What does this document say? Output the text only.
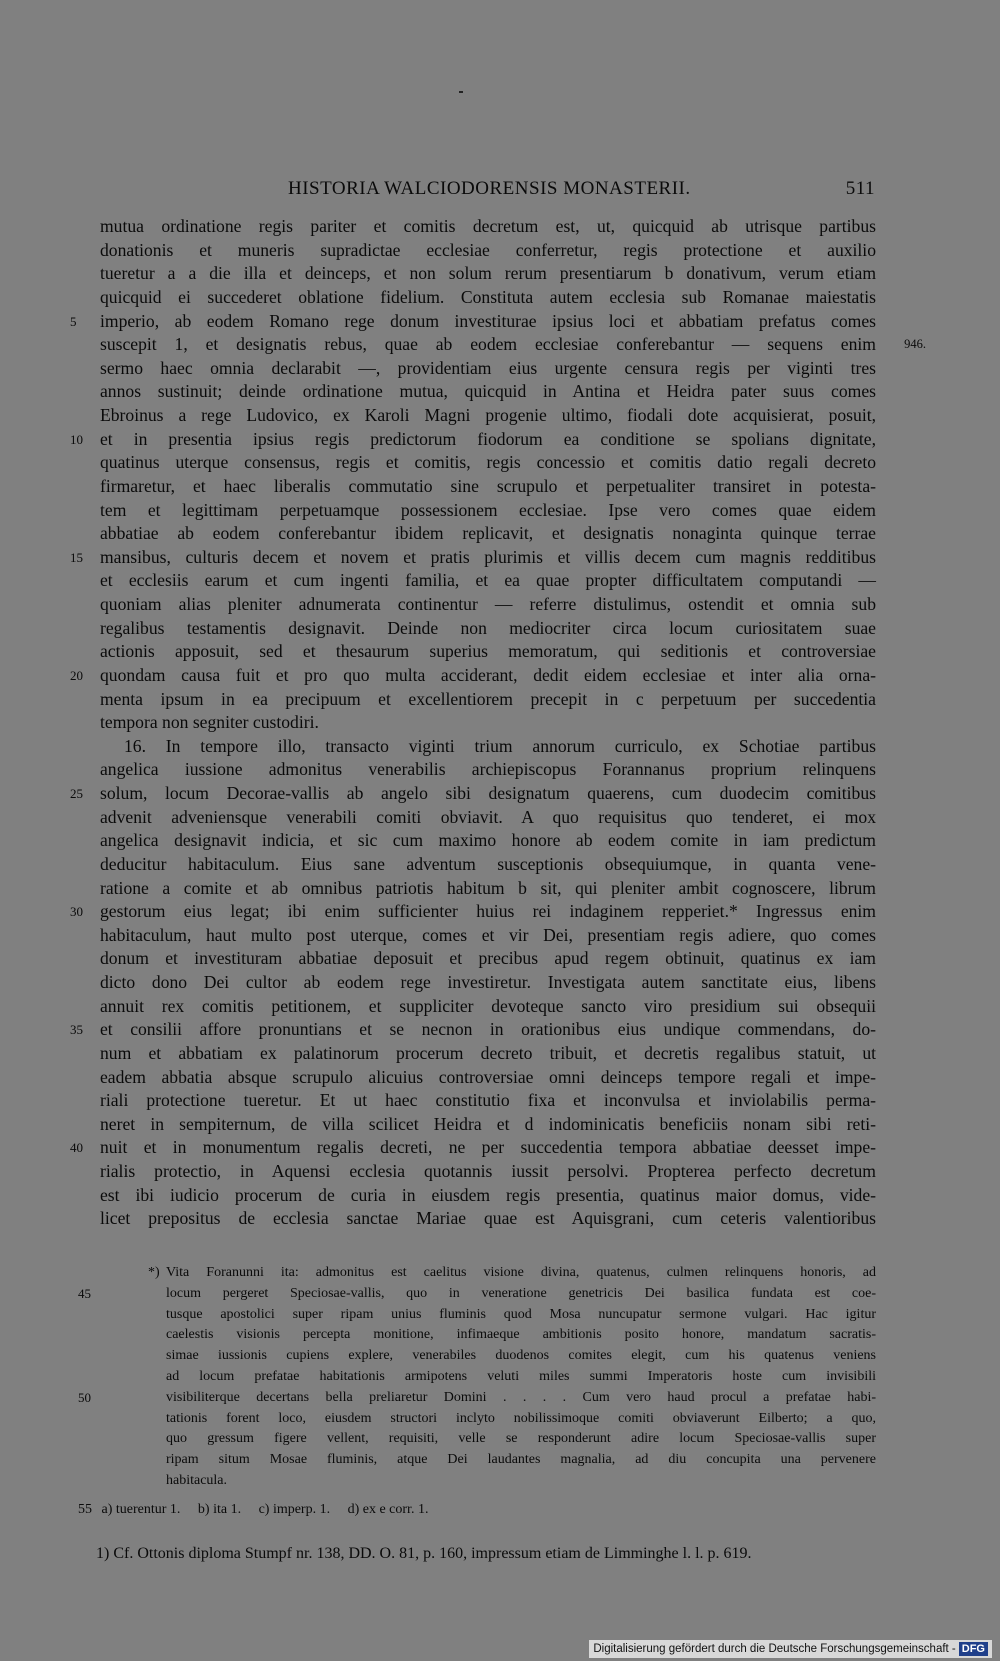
HISTORIA WALCIODORENSIS MONASTERII.	511
mutua ordinatione regis pariter et comitis decretum est, ut, quicquid ab utrisque partibus
donationis et muneris supradictae ecclesiae conferretur, regis protectione et auxilio
tueretur a a die illa et deinceps, et non solum rerum presentiarum b donativum, verum etiam
quicquid ei succederet oblatione fidelium. Constituta autem ecclesia sub Romanae maiestatis
5	imperio, ab eodem Romano rege donum investiturae ipsius loci et abbatiam prefatus comes
suscepit 1, et designatis rebus, quae ab eodem ecclesiae conferebantur — sequens enim 946.
sermo haec omnia declarabit —, providentiam eius urgente censura regis per viginti tres
annos sustinuit; deinde ordinatione mutua, quicquid in Antina et Heidra pater suus comes
Ebroinus a rege Ludovico, ex Karoli Magni progenie ultimo, fiodali dote acquisierat, posuit,
10 et in presentia ipsius regis predictorum fiodorum ea conditione se spolians dignitate,
quatinus uterque consensus, regis et comitis, regis concessio et comitis datio regali decreto
firmaretur, et haec liberalis commutatio sine scrupulo et perpetualiter transiret in potesta-
tem et legittimam perpetuamque possessionem ecclesiae. Ipse vero comes quae eidem
abbatiae ab eodem conferebantur ibidem replicavit, et designatis nonaginta quinque terrae
15 mansibus, culturis decem et novem et pratis plurimis et villis decem cum magnis redditibus
et ecclesiis earum et cum ingenti familia, et ea quae propter difficultatem computandi —
quoniam alias pleniter adnumerata continentur — referre distulimus, ostendit et omnia sub
regalibus testamentis designavit. Deinde non mediocriter circa locum curiositatem suae
actionis apposuit, sed et thesaurum superius memoratum, qui seditionis et controversiae
20 quondam causa fuit et pro quo multa acciderant, dedit eidem ecclesiae et inter alia orna-
menta ipsum in ea precipuum et excellentiorem precepit in c perpetuum per succedentia
tempora non segniter custodiri.
16. In tempore illo, transacto viginti trium annorum curriculo, ex Schotiae partibus
angelica iussione admonitus venerabilis archiepiscopus Forannanus proprium relinquens
25 solum, locum Decorae-vallis ab angelo sibi designatum quaerens, cum duodecim comitibus
advenit adveniensque venerabili comiti obviavit. A quo requisitus quo tenderet, ei mox
angelica designavit indicia, et sic cum maximo honore ab eodem comite in iam predictum
deducitur habitaculum. Eius sane adventum susceptionis obsequiumque, in quanta vene-
ratione a comite et ab omnibus patriotis habitum b sit, qui pleniter ambit cognoscere, librum
30 gestorum eius legat; ibi enim sufficienter huius rei indaginem repperiet.* Ingressus enim
habitaculum, haut multo post uterque, comes et vir Dei, presentiam regis adiere, quo comes
donum et investituram abbatiae deposuit et precibus apud regem obtinuit, quatinus ex iam
dicto dono Dei cultor ab eodem rege investiretur. Investigata autem sanctitate eius, libens
annuit rex comitis petitionem, et suppliciter devoteque sancto viro presidium sui obsequii
35 et consilii affore pronuntians et se necnon in orationibus eius undique commendans, do-
num et abbatiam ex palatinorum procerum decreto tribuit, et decretis regalibus statuit, ut
eadem abbatia absque scrupulo alicuius controversiae omni deinceps tempore regali et impe-
riali protectione tueretur. Et ut haec constitutio fixa et inconvulsa et inviolabilis perma-
neret in sempiternum, de villa scilicet Heidra et d indominicatis beneficiis nonam sibi reti-
40 nuit et in monumentum regalis decreti, ne per succedentia tempora abbatiae deesset impe-
rialis protectio, in Aquensi ecclesia quotannis iussit persolvi. Propterea perfecto decretum
est ibi iudicio procerum de curia in eiusdem regis presentia, quatinus maior domus, vide-
licet prepositus de ecclesia sanctae Mariae quae est Aquisgrani, cum ceteris valentioribus
Vita Foranunni ita: admonitus est caelitus visione divina, quatenus, culmen relinquens honoris, ad
*)
45	locum pergeret Speciosae-vallis, quo in veneratione genetricis Dei basilica fundata est coe-
tusque apostolici super ripam unius fluminis quod Mosa nuncupatur sermone vulgari. Hac igitur
caelestis visionis percepta monitione, infimaeque ambitionis posito honore, mandatum sacratis-
simae iussionis cupiens explere, venerabiles duodenos comites elegit, cum his quatenus veniens
ad locum prefatae habitationis armipotens veluti miles summi Imperatoris hoste cum invisibili
50	visibiliterque decertans bella preliaretur Domini . . . . Cum vero haud procul a prefatae habi-
tationis forent loco, eiusdem structori inclyto nobilissimoque comiti obviaverunt Eilberto; a quo,
quo gressum figere vellent, requisiti, velle se responderunt adire locum Speciosae-vallis super
ripam situm Mosae fluminis, atque Dei laudantes magnalia, ad diu concupita una pervenere
habitacula.
55 a) tuerentur 1.     b) ita 1.     c) imperp. 1.     d) ex e corr. 1.
1) Cf. Ottonis diploma Stumpf nr. 138, DD. O. 81, p. 160, impressum etiam de Limminghe l. l. p. 619.
Digitalisierung gefördert durch die Deutsche Forschungsgemeinschaft - DFG
